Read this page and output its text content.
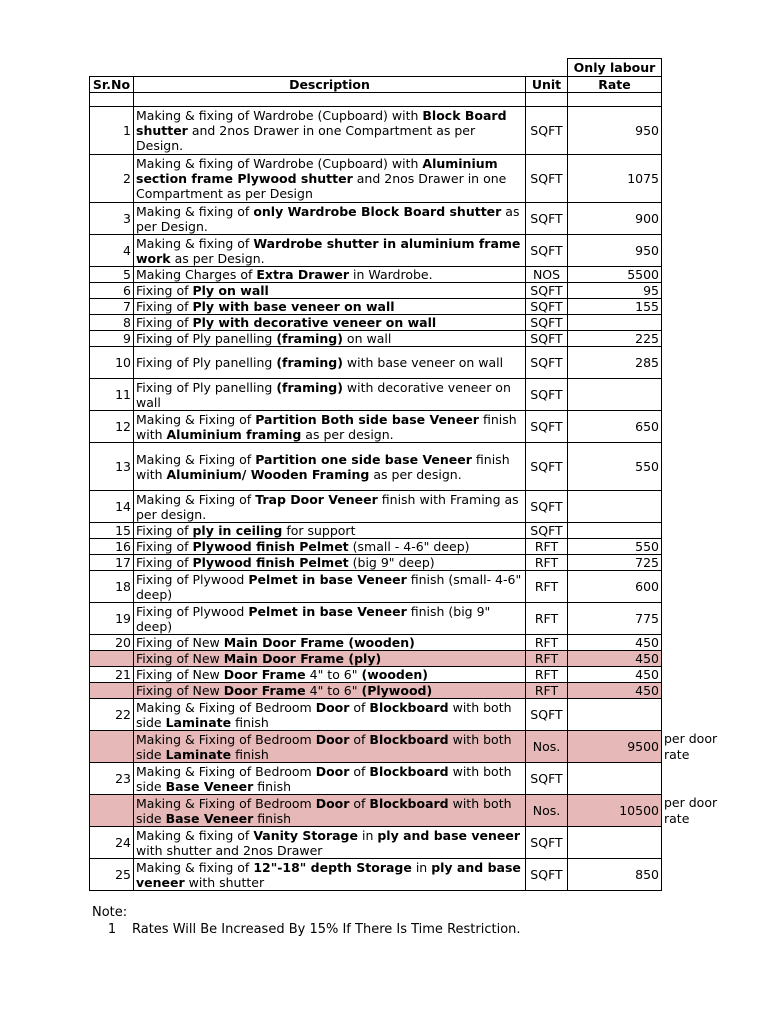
			Only labour
Sr.No	Description	Unit	Rate

1	Making & fixing of Wardrobe (Cupboard) with Block Board shutter and 2nos Drawer in one Compartment as per Design.	SQFT	950
2	Making & fixing of Wardrobe (Cupboard) with Aluminium section frame Plywood shutter and 2nos Drawer in one Compartment as per Design	SQFT	1075
3	Making & fixing of only Wardrobe Block Board shutter as per Design.	SQFT	900
4	Making & fixing of Wardrobe shutter in aluminium frame work as per Design.	SQFT	950
5	Making Charges of Extra Drawer in Wardrobe.	NOS	5500
6	Fixing of Ply on wall	SQFT	95
7	Fixing of Ply with base veneer on wall	SQFT	155
8	Fixing of Ply with decorative veneer on wall	SQFT	
9	Fixing of Ply panelling (framing) on wall	SQFT	225
10	Fixing of Ply panelling (framing) with base veneer on wall	SQFT	285
11	Fixing of Ply panelling (framing) with decorative veneer on wall	SQFT	
12	Making & Fixing of Partition Both side base Veneer finish with Aluminium framing as per design.	SQFT	650
13	Making & Fixing of Partition one side base Veneer finish with Aluminium/ Wooden Framing as per design.	SQFT	550
14	Making & Fixing of Trap Door Veneer finish with Framing as per design.	SQFT	
15	Fixing of ply in ceiling for support	SQFT	
16	Fixing of Plywood finish Pelmet (small - 4-6" deep)	RFT	550
17	Fixing of Plywood finish Pelmet (big 9" deep)	RFT	725
18	Fixing of Plywood Pelmet in base Veneer finish (small- 4-6" deep)	RFT	600
19	Fixing of Plywood Pelmet in base Veneer finish (big 9" deep)	RFT	775
20	Fixing of New Main Door Frame (wooden)	RFT	450
	Fixing of New Main Door Frame (ply)	RFT	450
21	Fixing of New Door Frame 4" to 6" (wooden)	RFT	450
	Fixing of New Door Frame 4" to 6" (Plywood)	RFT	450
22	Making & Fixing of Bedroom Door of Blockboard with both side Laminate finish	SQFT	
	Making & Fixing of Bedroom Door of Blockboard with both side Laminate finish	Nos.	9500
23	Making & Fixing of Bedroom Door of Blockboard with both side Base Veneer finish	SQFT	
	Making & Fixing of Bedroom Door of Blockboard with both side Base Veneer finish	Nos.	10500
24	Making & fixing of Vanity Storage in ply and base veneer with shutter and 2nos Drawer	SQFT	
25	Making & fixing of 12"-18" depth Storage in ply and base veneer with shutter	SQFT	850
per door rate
per door rate
Note:
1 Rates Will Be Increased By 15% If There Is Time Restriction.
